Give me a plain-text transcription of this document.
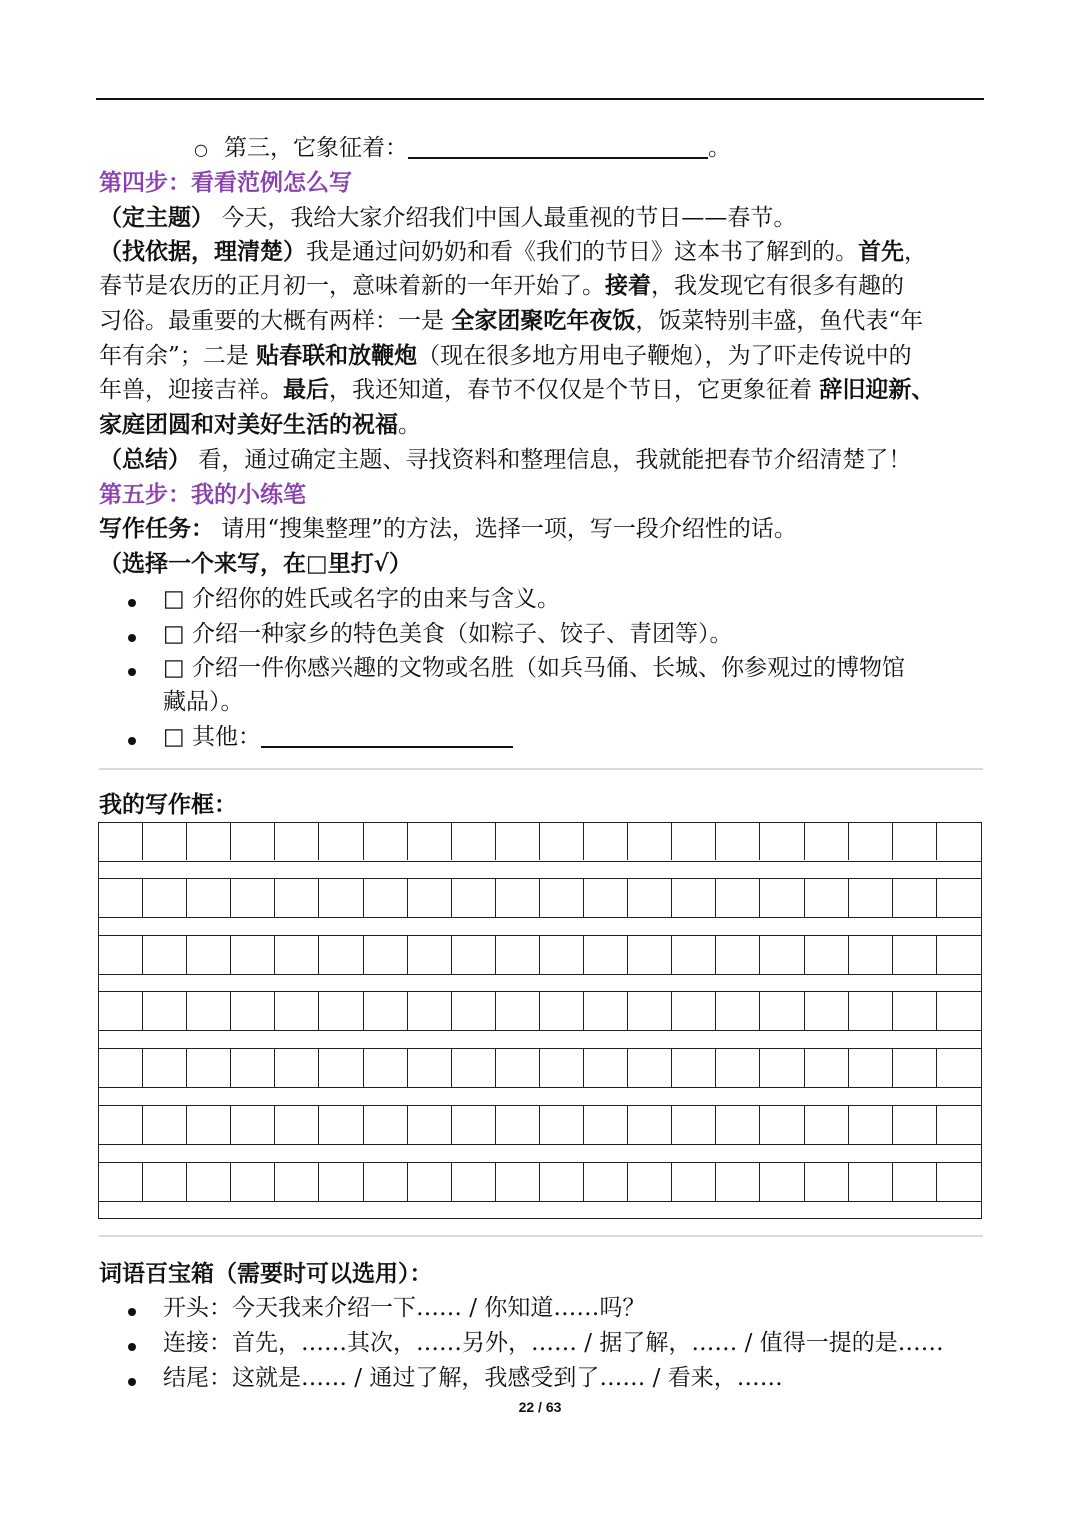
○ 第三，它象征着：	。
第四步：看看范例怎么写
（定主题） 今天，我给大家介绍我们中国人最重视的节日——春节。
（找依据，理清楚）我是通过问奶奶和看《我们的节日》这本书了解到的。首先，
春节是农历的正月初一，意味着新的一年开始了。接着，我发现它有很多有趣的
习俗。最重要的大概有两样：一是 全家团聚吃年夜饭，饭菜特别丰盛，鱼代表“年
年有余”；二是 贴春联和放鞭炮（现在很多地方用电子鞭炮），为了吓走传说中的
年兽，迎接吉祥。最后，我还知道，春节不仅仅是个节日，它更象征着 辞旧迎新、
家庭团圆和对美好生活的祝福。
（总结） 看，通过确定主题、寻找资料和整理信息，我就能把春节介绍清楚了！
第五步：我的小练笔
写作任务： 请用“搜集整理”的方法，选择一项，写一段介绍性的话。
（选择一个来写，在□里打√）
□ 介绍你的姓氏或名字的由来与含义。
□ 介绍一种家乡的特色美食（如粽子、饺子、青团等）。
□ 介绍一件你感兴趣的文物或名胜（如兵马俑、长城、你参观过的博物馆
藏品）。
□ 其他：
我的写作框：
词语百宝箱（需要时可以选用）：
开头：今天我来介绍一下…… / 你知道……吗？
连接：首先，……其次，……另外，…… / 据了解，…… / 值得一提的是……
结尾：这就是…… / 通过了解，我感受到了…… / 看来，……
22 / 63
